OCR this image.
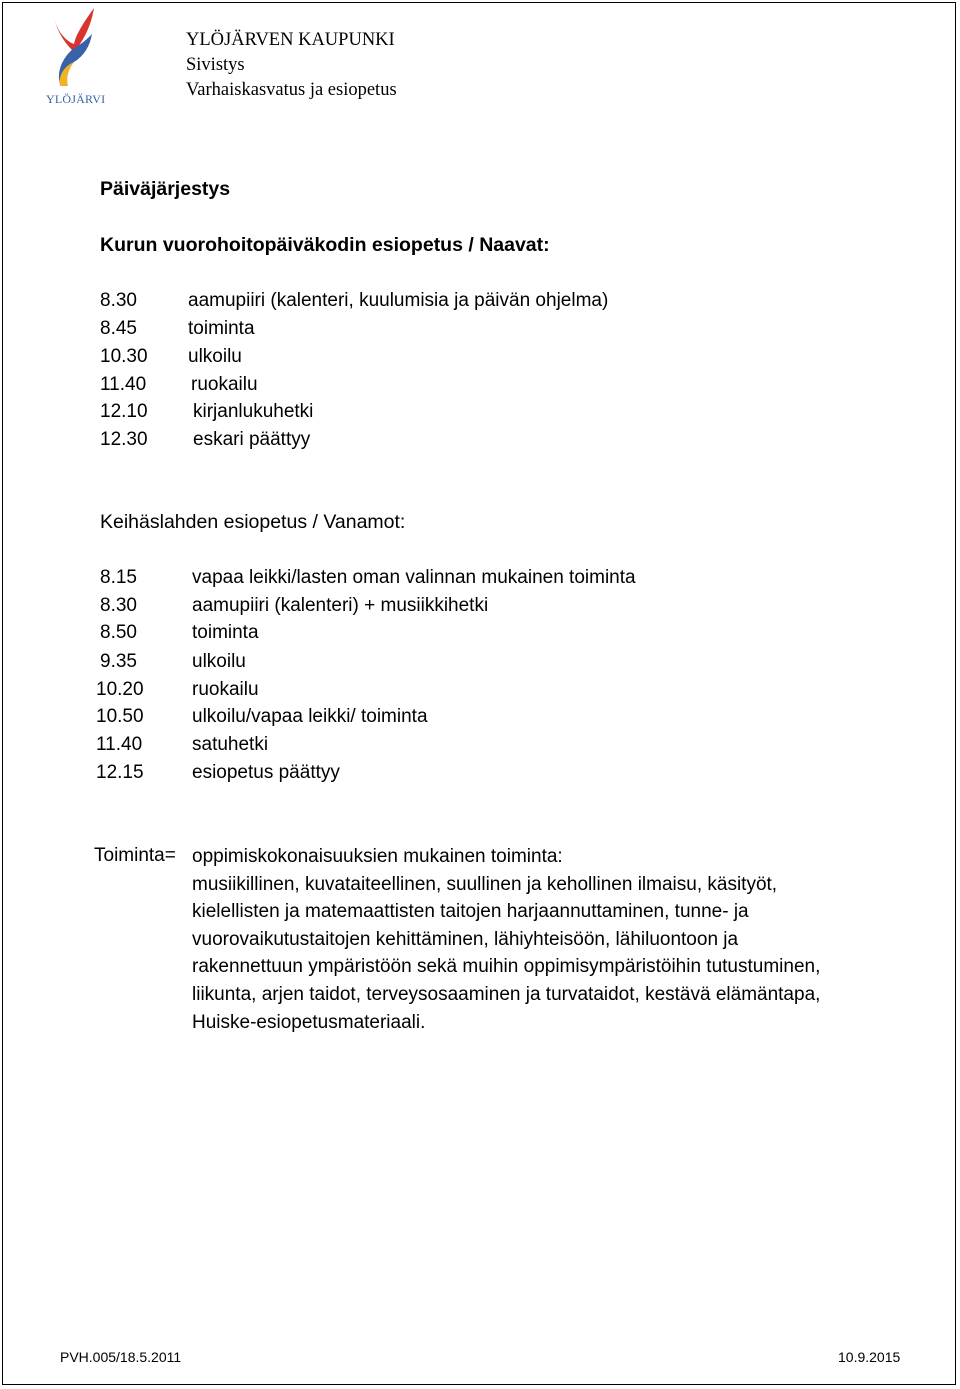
YLÖJÄRVI
YLÖJÄRVEN KAUPUNKI
Sivistys
Varhaiskasvatus ja esiopetus
Päiväjärjestys
Kurun vuorohoitopäiväkodin esiopetus / Naavat:
8.30	aamupiiri (kalenteri, kuulumisia ja päivän ohjelma)
8.45	toiminta
10.30 ulkoilu
11.40 ruokailu
12.10 kirjanlukuhetki
12.30 eskari päättyy
Keihäslahden esiopetus / Vanamot:
8.15	vapaa leikki/lasten oman valinnan mukainen toiminta
8.30	aamupiiri (kalenteri) + musiikkihetki
8.50	toiminta
9.35	ulkoilu
10.20	ruokailu
10.50	ulkoilu/vapaa leikki/ toiminta
11.40	satuhetki
12.15	esiopetus päättyy
Toiminta= oppimiskokonaisuuksien mukainen toiminta:
musiikillinen, kuvataiteellinen, suullinen ja kehollinen ilmaisu, käsityöt,
kielellisten ja matemaattisten taitojen harjaannuttaminen, tunne- ja
vuorovaikutustaitojen kehittäminen, lähiyhteisöön, lähiluontoon ja
rakennettuun ympäristöön sekä muihin oppimisympäristöihin tutustuminen,
liikunta, arjen taidot, terveysosaaminen ja turvataidot, kestävä elämäntapa,
Huiske-esiopetusmateriaali.
PVH.005/18.5.2011	10.9.2015
